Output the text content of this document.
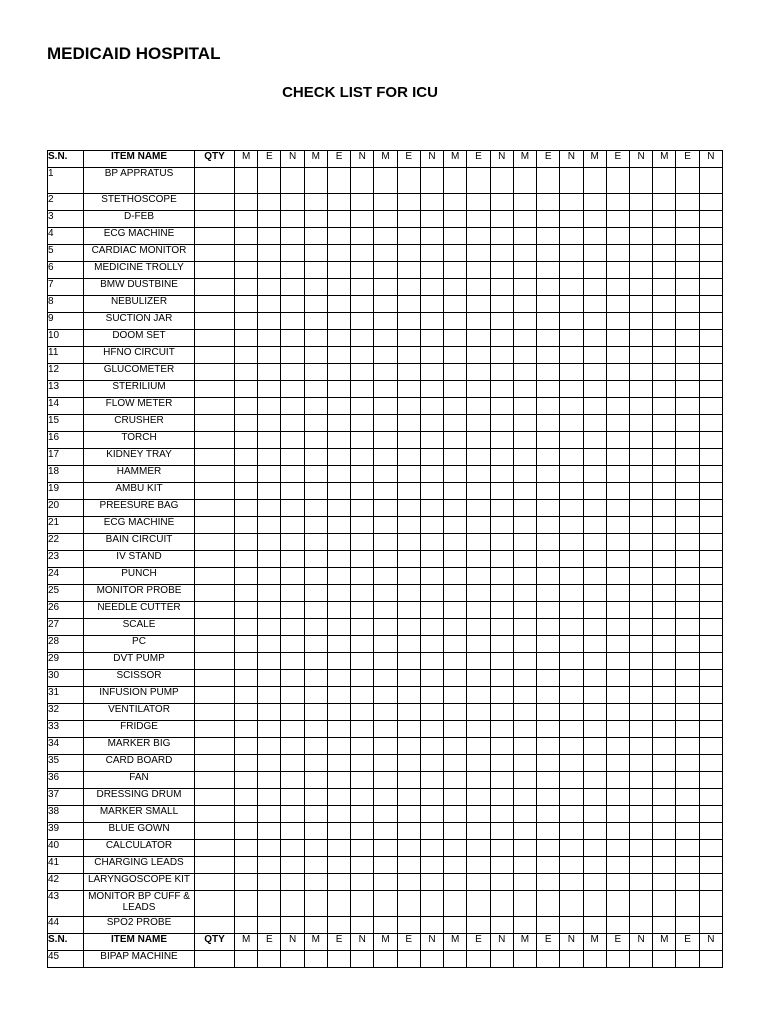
MEDICAID HOSPITAL
CHECK LIST FOR ICU
S.N.	ITEM NAME	QTY	M	E	N	M	E	N	M	E	N	M	E	N	M	E	N	M	E	N	M	E	N
1	BP APPRATUS																						
2	STETHOSCOPE																						
3	D-FEB																						
4	ECG MACHINE																						
5	CARDIAC MONITOR																						
6	MEDICINE TROLLY																						
7	BMW DUSTBINE																						
8	NEBULIZER																						
9	SUCTION JAR																						
10	DOOM SET																						
11	HFNO CIRCUIT																						
12	GLUCOMETER																						
13	STERILIUM																						
14	FLOW METER																						
15	CRUSHER																						
16	TORCH																						
17	KIDNEY TRAY																						
18	HAMMER																						
19	AMBU KIT																						
20	PREESURE BAG																						
21	ECG MACHINE																						
22	BAIN CIRCUIT																						
23	IV STAND																						
24	PUNCH																						
25	MONITOR PROBE																						
26	NEEDLE CUTTER																						
27	SCALE																						
28	PC																						
29	DVT PUMP																						
30	SCISSOR																						
31	INFUSION PUMP																						
32	VENTILATOR																						
33	FRIDGE																						
34	MARKER BIG																						
35	CARD BOARD																						
36	FAN																						
37	DRESSING DRUM																						
38	MARKER SMALL																						
39	BLUE GOWN																						
40	CALCULATOR																						
41	CHARGING LEADS																						
42	LARYNGOSCOPE KIT																						
43	MONITOR BP CUFF & LEADS																						
44	SPO2 PROBE																						
S.N.	ITEM NAME	QTY	M	E	N	M	E	N	M	E	N	M	E	N	M	E	N	M	E	N	M	E	N
45	BIPAP MACHINE																						
